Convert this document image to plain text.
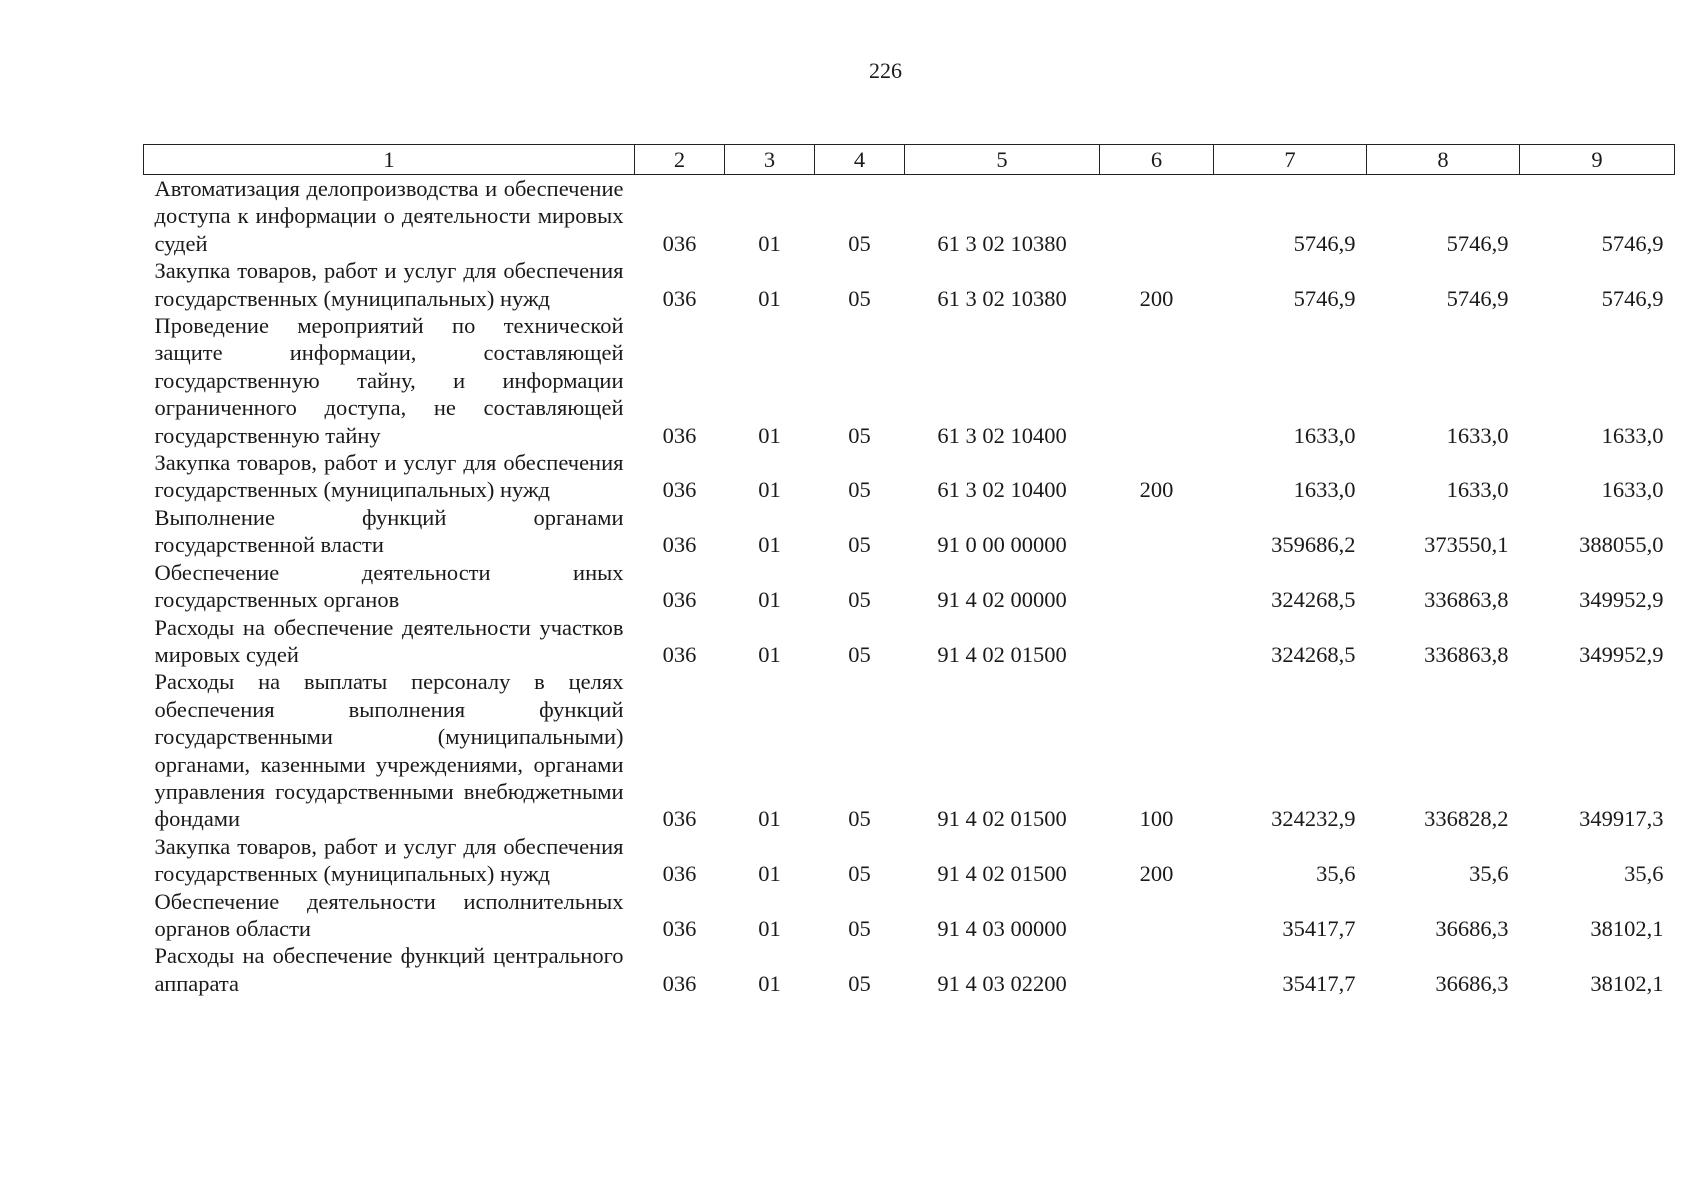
226
1	2	3	4	5	6	7	8	9
Автоматизация делопроизводства и обеспечение доступа к информации о деятельности мировых судей	036	01	05	61 3 02 10380		5746,9	5746,9	5746,9
Закупка товаров, работ и услуг для обеспечения государственных (муниципальных) нужд	036	01	05	61 3 02 10380	200	5746,9	5746,9	5746,9
Проведение мероприятий по технической защите информации, составляющей государственную тайну, и информации ограниченного доступа, не составляющей государственную тайну	036	01	05	61 3 02 10400		1633,0	1633,0	1633,0
Закупка товаров, работ и услуг для обеспечения государственных (муниципальных) нужд	036	01	05	61 3 02 10400	200	1633,0	1633,0	1633,0
Выполнение функций органами государственной власти	036	01	05	91 0 00 00000		359686,2	373550,1	388055,0
Обеспечение деятельности иных государственных органов	036	01	05	91 4 02 00000		324268,5	336863,8	349952,9
Расходы на обеспечение деятельности участков мировых судей	036	01	05	91 4 02 01500		324268,5	336863,8	349952,9
Расходы на выплаты персоналу в целях обеспечения выполнения функций государственными (муниципальными) органами, казенными учреждениями, органами управления государственными внебюджетными фондами	036	01	05	91 4 02 01500	100	324232,9	336828,2	349917,3
Закупка товаров, работ и услуг для обеспечения государственных (муниципальных) нужд	036	01	05	91 4 02 01500	200	35,6	35,6	35,6
Обеспечение деятельности исполнительных органов области	036	01	05	91 4 03 00000		35417,7	36686,3	38102,1
Расходы на обеспечение функций центрального аппарата	036	01	05	91 4 03 02200		35417,7	36686,3	38102,1
